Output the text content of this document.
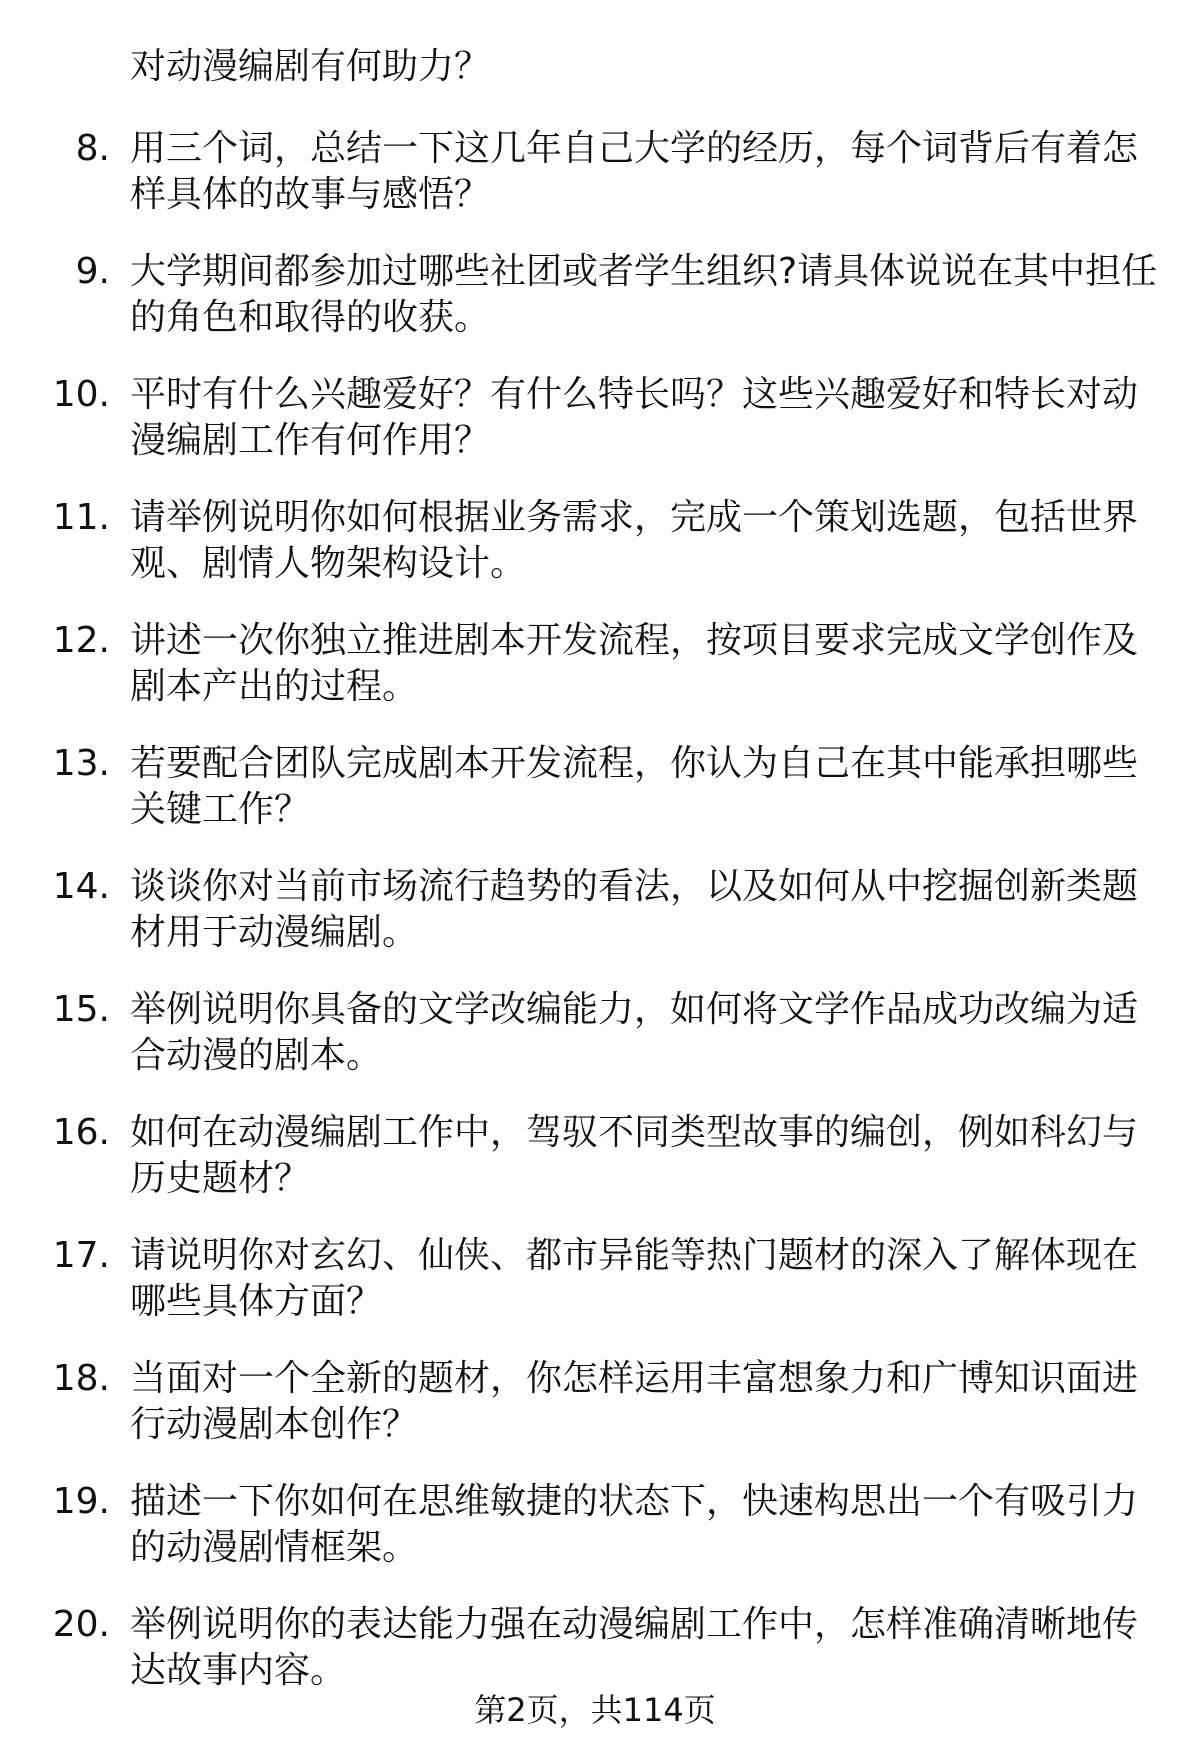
对动漫编剧有何助力？
8. 用三个词，总结一下这几年自己大学的经历，每个词背后有着怎
样具体的故事与感悟？
9. 大学期间都参加过哪些社团或者学生组织?请具体说说在其中担任
的角色和取得的收获。
10. 平时有什么兴趣爱好？有什么特长吗？这些兴趣爱好和特长对动
漫编剧工作有何作用？
11. 请举例说明你如何根据业务需求，完成一个策划选题，包括世界
观、剧情人物架构设计。
12. 讲述一次你独立推进剧本开发流程，按项目要求完成文学创作及
剧本产出的过程。
13. 若要配合团队完成剧本开发流程，你认为自己在其中能承担哪些
关键工作？
14. 谈谈你对当前市场流行趋势的看法，以及如何从中挖掘创新类题
材用于动漫编剧。
15. 举例说明你具备的文学改编能力，如何将文学作品成功改编为适
合动漫的剧本。
16. 如何在动漫编剧工作中，驾驭不同类型故事的编创，例如科幻与
历史题材？
17. 请说明你对玄幻、仙侠、都市异能等热门题材的深入了解体现在
哪些具体方面？
18. 当面对一个全新的题材，你怎样运用丰富想象力和广博知识面进
行动漫剧本创作？
19. 描述一下你如何在思维敏捷的状态下，快速构思出一个有吸引力
的动漫剧情框架。
20. 举例说明你的表达能力强在动漫编剧工作中，怎样准确清晰地传
达故事内容。
第2页，共114页
